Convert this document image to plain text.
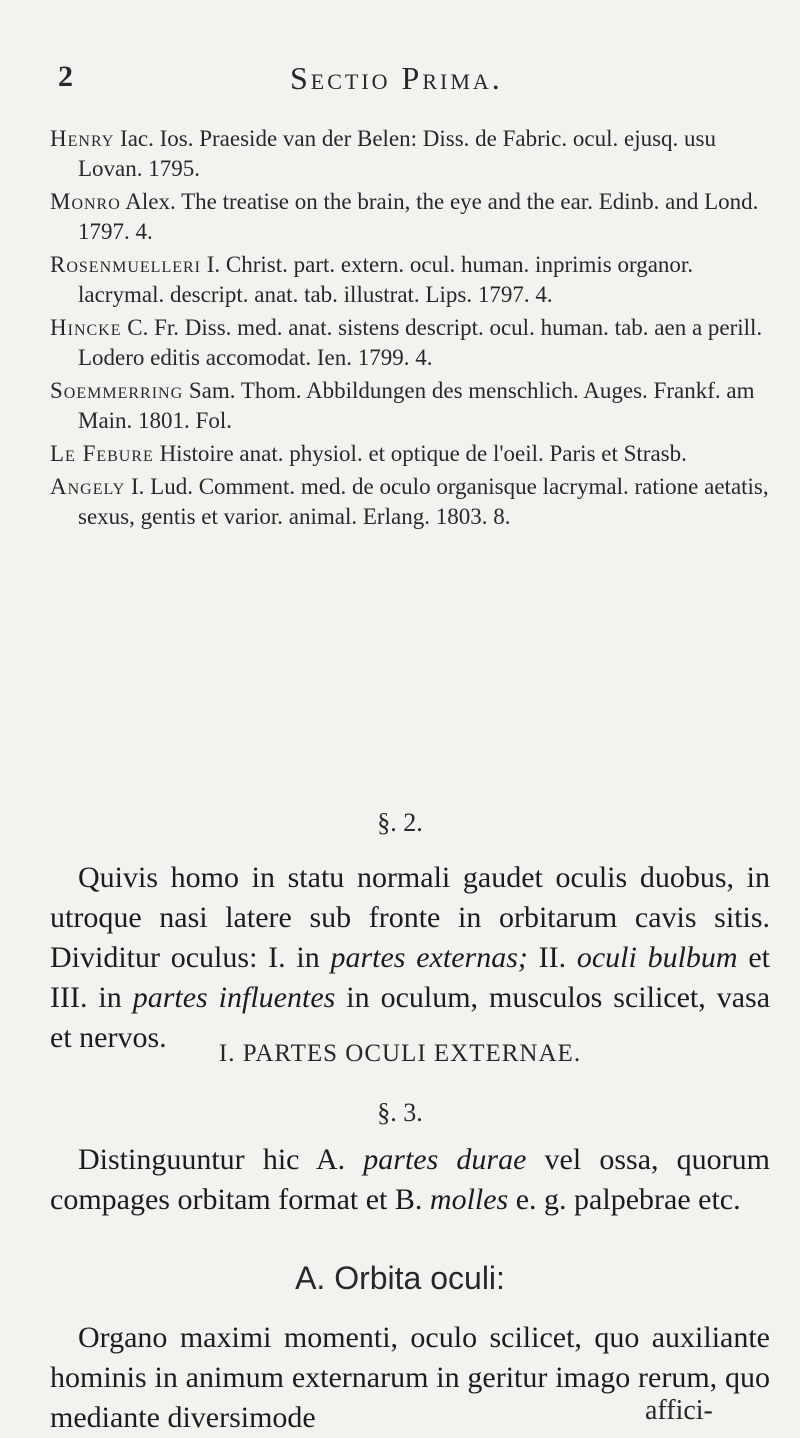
2	Sectio Prima.
Henry Iac. Ios. Praeside van der Belen: Diss. de Fabric. ocul. ejusq. usu Lovan. 1795.
Monro Alex. The treatise on the brain, the eye and the ear. Edinb. and Lond. 1797. 4.
Rosenmuelleri I. Christ. part. extern. ocul. human. inprimis organor. lacrymal. descript. anat. tab. illustrat. Lips. 1797. 4.
Hincke C. Fr. Diss. med. anat. sistens descript. ocul. human. tab. aen a perill. Lodero editis accomodat. Ien. 1799. 4.
Soemmerring Sam. Thom. Abbildungen des menschlich. Auges. Frankf. am Main. 1801. Fol.
Le Febure Histoire anat. physiol. et optique de l'oeil. Paris et Strasb.
Angely I. Lud. Comment. med. de oculo organisque lacrymal. ratione aetatis, sexus, gentis et varior. animal. Erlang. 1803. 8.
§. 2.
Quivis homo in statu normali gaudet oculis duobus, in utroque nasi latere sub fronte in orbitarum cavis sitis. Dividitur oculus: I. in partes externas; II. oculi bulbum et III. in partes influentes in oculum, musculos scilicet, vasa et nervos.	I. PARTES OCULI EXTERNAE.
§. 3.
Distinguuntur hic A. partes durae vel ossa, quorum compages orbitam format et B. molles e. g. palpebrae etc.
A. Orbita oculi:
Organo maximi momenti, oculo scilicet, quo auxiliante hominis in animum externarum in geritur imago rerum, quo mediante diversimode	affici-
